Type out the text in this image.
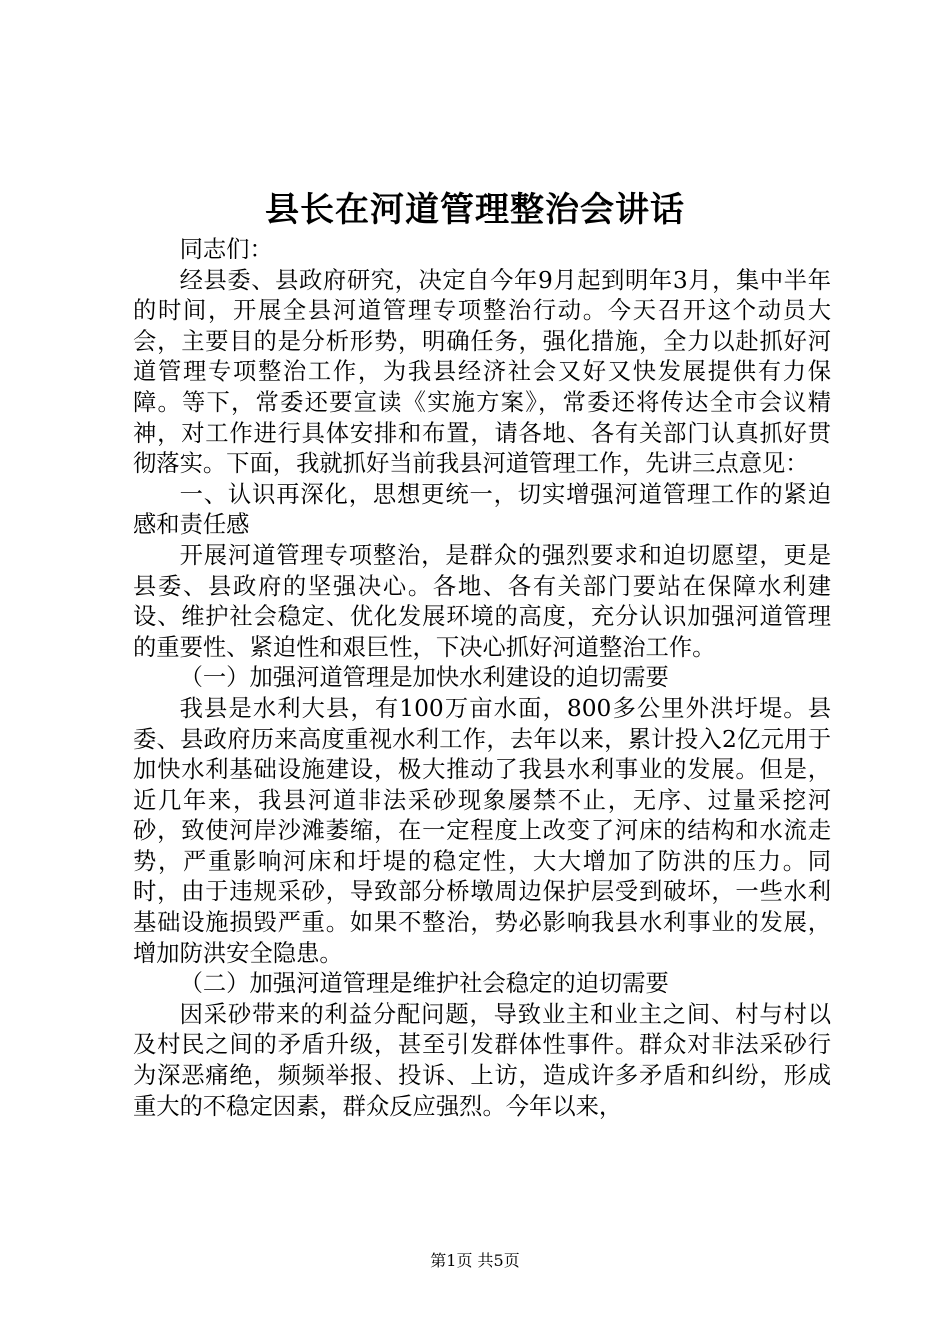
县长在河道管理整治会讲话

同志们：

经县委、县政府研究，决定自今年9月起到明年3月，集中半年的时间，开展全县河道管理专项整治行动。今天召开这个动员大会，主要目的是分析形势，明确任务，强化措施，全力以赴抓好河道管理专项整治工作，为我县经济社会又好又快发展提供有力保障。等下，常委还要宣读《实施方案》，常委还将传达全市会议精神，对工作进行具体安排和布置，请各地、各有关部门认真抓好贯彻落实。下面，我就抓好当前我县河道管理工作，先讲三点意见：

一、认识再深化，思想更统一，切实增强河道管理工作的紧迫感和责任感

开展河道管理专项整治，是群众的强烈要求和迫切愿望，更是县委、县政府的坚强决心。各地、各有关部门要站在保障水利建设、维护社会稳定、优化发展环境的高度，充分认识加强河道管理的重要性、紧迫性和艰巨性，下决心抓好河道整治工作。

（一）加强河道管理是加快水利建设的迫切需要

我县是水利大县，有100万亩水面，800多公里外洪圩堤。县委、县政府历来高度重视水利工作，去年以来，累计投入2亿元用于加快水利基础设施建设，极大推动了我县水利事业的发展。但是，近几年来，我县河道非法采砂现象屡禁不止，无序、过量采挖河砂，致使河岸沙滩萎缩，在一定程度上改变了河床的结构和水流走势，严重影响河床和圩堤的稳定性，大大增加了防洪的压力。同时，由于违规采砂，导致部分桥墩周边保护层受到破坏，一些水利基础设施损毁严重。如果不整治，势必影响我县水利事业的发展，增加防洪安全隐患。

（二）加强河道管理是维护社会稳定的迫切需要

因采砂带来的利益分配问题，导致业主和业主之间、村与村以及村民之间的矛盾升级，甚至引发群体性事件。群众对非法采砂行为深恶痛绝，频频举报、投诉、上访，造成许多矛盾和纠纷，形成重大的不稳定因素，群众反应强烈。今年以来，

第1页 共5页
